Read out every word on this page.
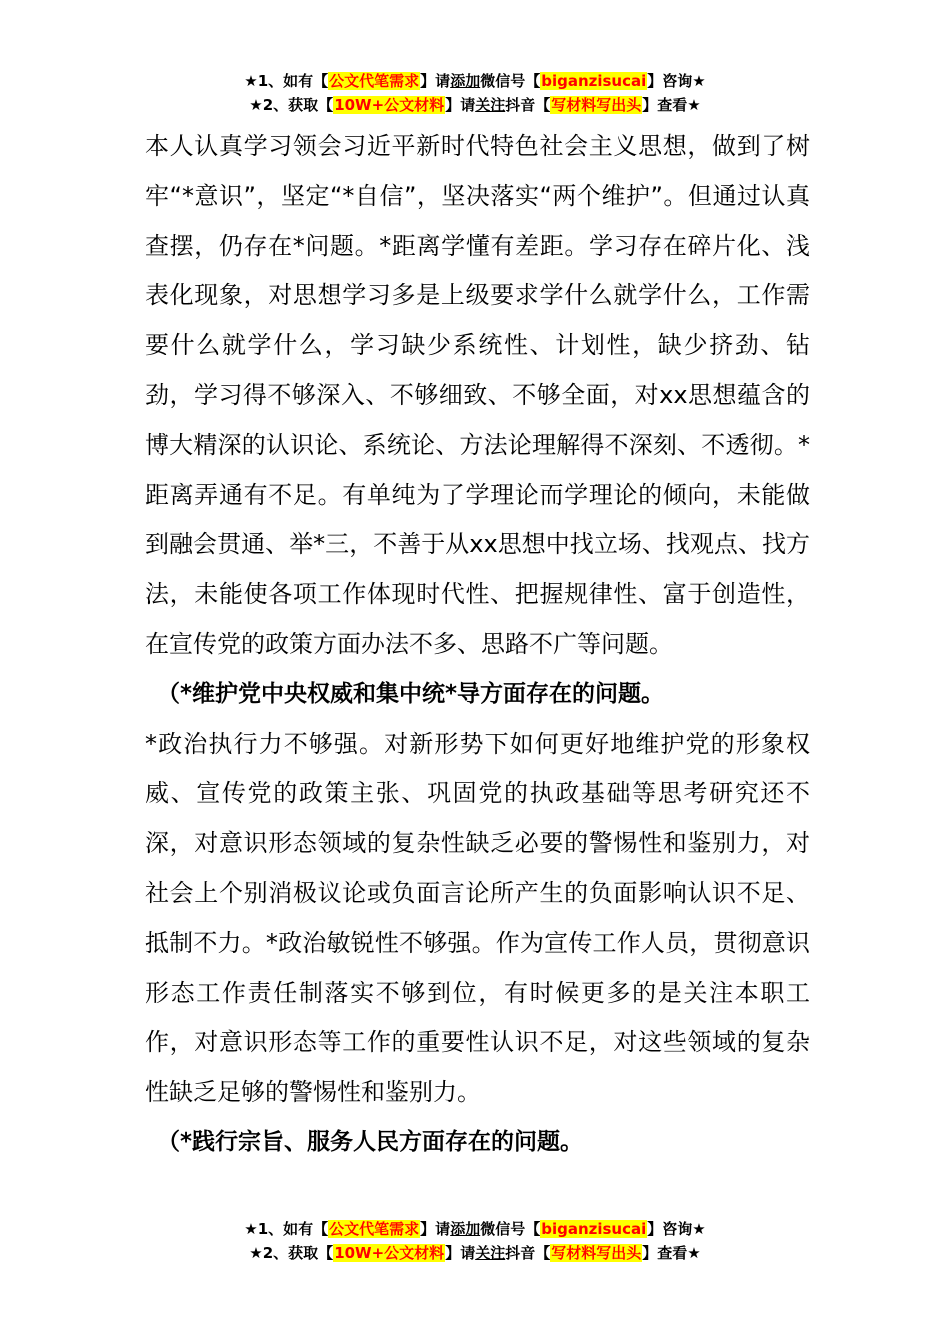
★1、如有【公文代笔需求】请添加微信号【biganzisucai】咨询★
★2、获取【10W+公文材料】请关注抖音【写材料写出头】查看★

本人认真学习领会习近平新时代特色社会主义思想，做到了树牢“*意识”，坚定“*自信”，坚决落实“两个维护”。但通过认真查摆，仍存在*问题。*距离学懂有差距。学习存在碎片化、浅表化现象，对思想学习多是上级要求学什么就学什么，工作需要什么就学什么，学习缺少系统性、计划性，缺少挤劲、钻劲，学习得不够深入、不够细致、不够全面，对xx思想蕴含的博大精深的认识论、系统论、方法论理解得不深刻、不透彻。*距离弄通有不足。有单纯为了学理论而学理论的倾向，未能做到融会贯通、举*三，不善于从xx思想中找立场、找观点、找方法，未能使各项工作体现时代性、把握规律性、富于创造性，在宣传党的政策方面办法不多、思路不广等问题。

（*维护党中央权威和集中统*导方面存在的问题。

*政治执行力不够强。对新形势下如何更好地维护党的形象权威、宣传党的政策主张、巩固党的执政基础等思考研究还不深，对意识形态领域的复杂性缺乏必要的警惕性和鉴别力，对社会上个别消极议论或负面言论所产生的负面影响认识不足、抵制不力。*政治敏锐性不够强。作为宣传工作人员，贯彻意识形态工作责任制落实不够到位，有时候更多的是关注本职工作，对意识形态等工作的重要性认识不足，对这些领域的复杂性缺乏足够的警惕性和鉴别力。

（*践行宗旨、服务人民方面存在的问题。

★1、如有【公文代笔需求】请添加微信号【biganzisucai】咨询★
★2、获取【10W+公文材料】请关注抖音【写材料写出头】查看★
